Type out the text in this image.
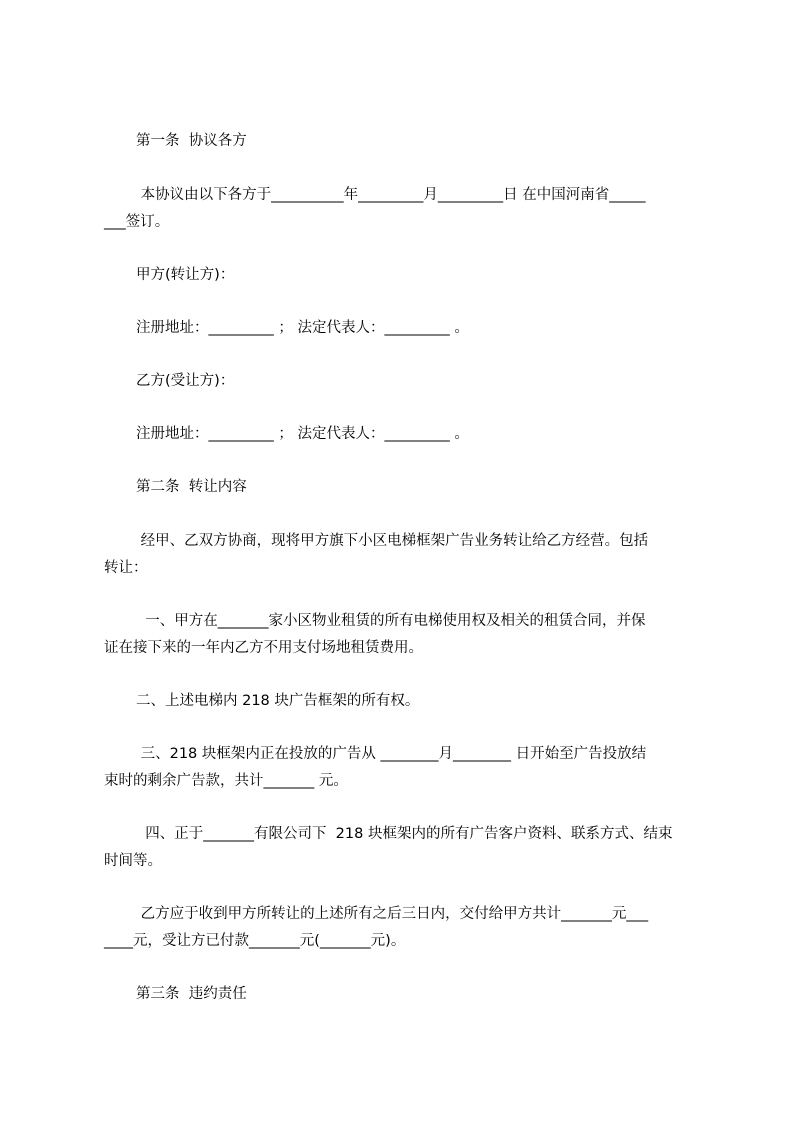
第一条  协议各方
本协议由以下各方于__________年_________月_________日 在中国河南省_____
___签订。
甲方(转让方)：
注册地址：_________ ； 法定代表人：_________ 。
乙方(受让方)：
注册地址：_________ ； 法定代表人：_________ 。
第二条  转让内容
经甲、乙双方协商，现将甲方旗下小区电梯框架广告业务转让给乙方经营。包括
转让：
一、甲方在_______家小区物业租赁的所有电梯使用权及相关的租赁合同，并保
证在接下来的一年内乙方不用支付场地租赁费用。
二、上述电梯内 218 块广告框架的所有权。
三、218 块框架内正在投放的广告从 ________月________ 日开始至广告投放结
束时的剩余广告款，共计_______ 元。
四、正于_______有限公司下  218 块框架内的所有广告客户资料、联系方式、结束
时间等。
乙方应于收到甲方所转让的上述所有之后三日内，交付给甲方共计_______元___
____元，受让方已付款_______元(_______元)。
第三条  违约责任
